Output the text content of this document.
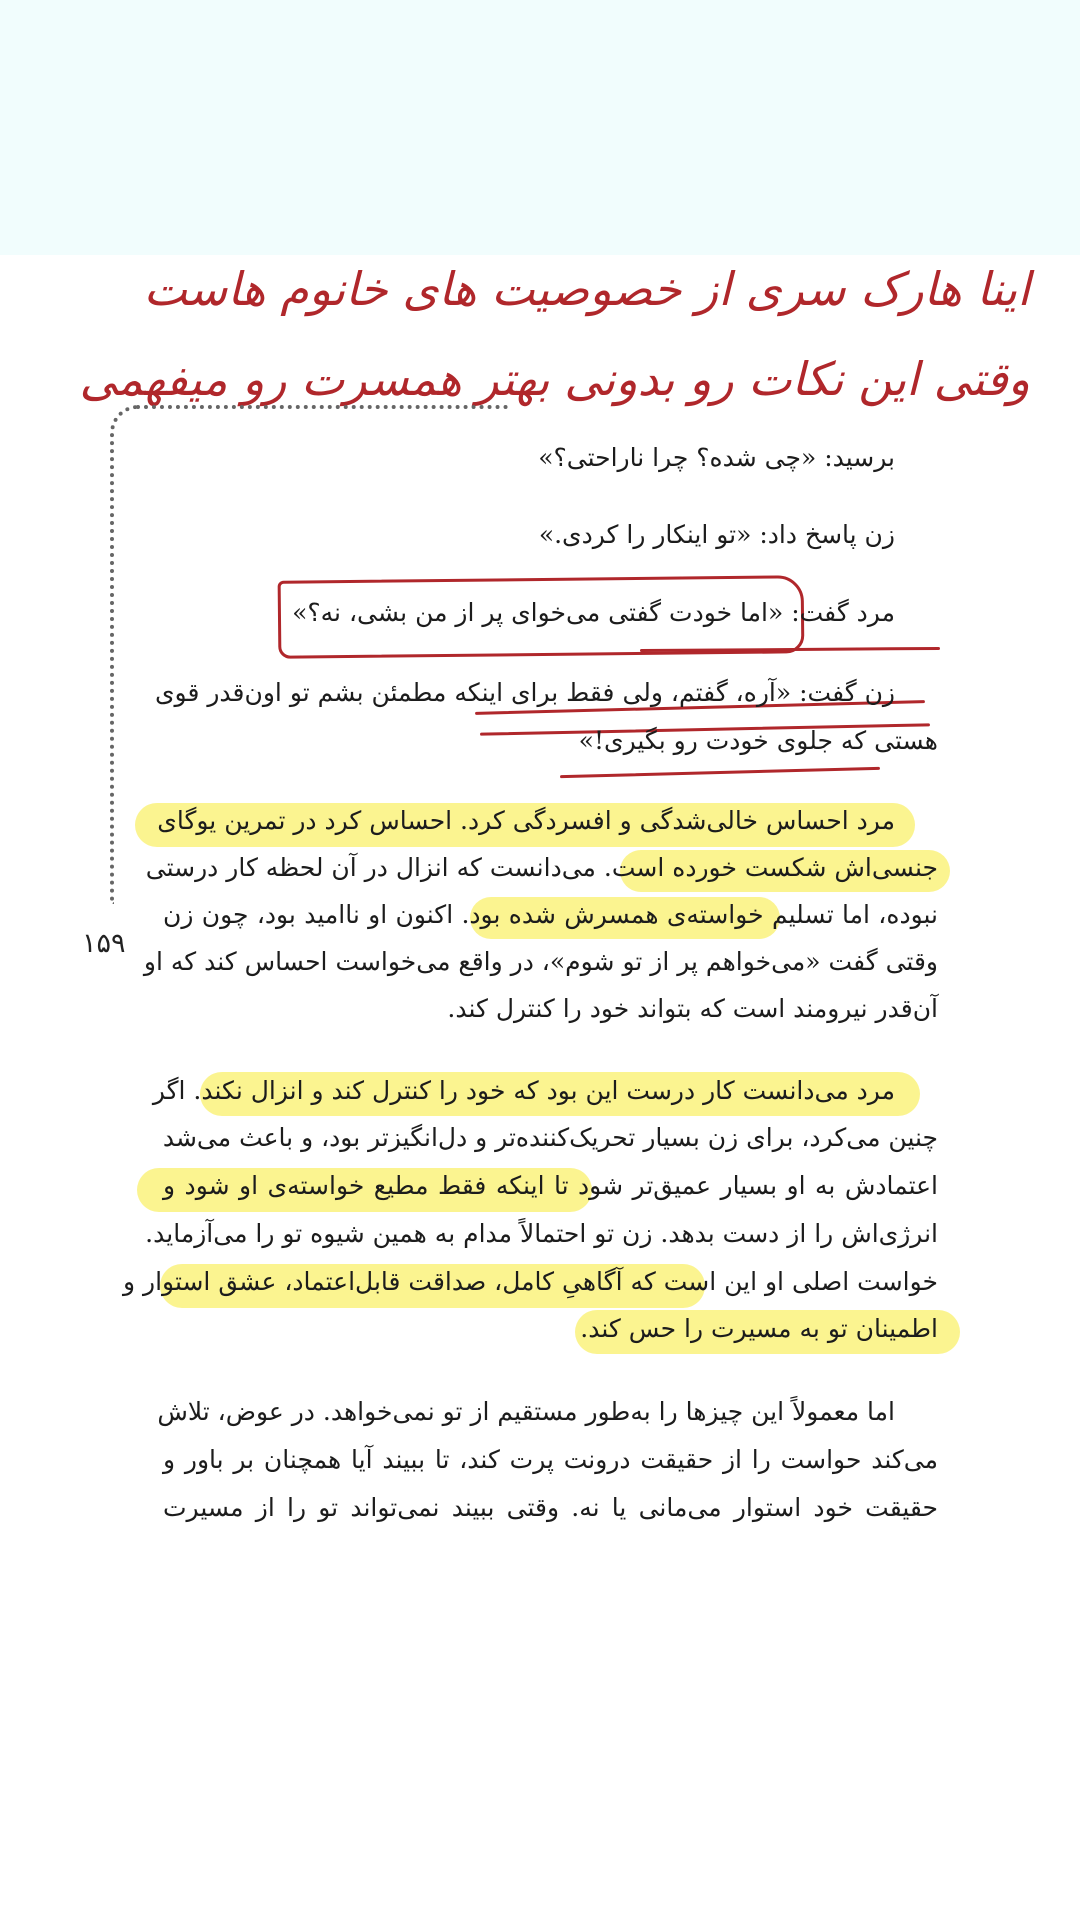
اینا هارک سری از خصوصیت های خانوم هاست
وقتی این نکات رو بدونی بهتر همسرت رو میفهمی
۱۵۹
برسید: «چی شده؟ چرا ناراحتی؟»
زن پاسخ داد: «تو اینکار را کردی.»
مرد گفت: «اما خودت گفتی می‌خوای پر از من بشی، نه؟»
زن گفت: «آره، گفتم، ولی فقط برای اینکه مطمئن بشم تو اون‌قدر قوی
هستی که جلوی خودت رو بگیری!»
مرد احساس خالی‌شدگی و افسردگی کرد. احساس کرد در تمرین یوگای
جنسی‌اش شکست خورده است. می‌دانست که انزال در آن لحظه کار درستی
نبوده، اما تسلیم خواسته‌ی همسرش شده بود. اکنون او ناامید بود، چون زن
وقتی گفت «می‌خواهم پر از تو شوم»، در واقع می‌خواست احساس کند که او
آن‌قدر نیرومند است که بتواند خود را کنترل کند.
مرد می‌دانست کار درست این بود که خود را کنترل کند و انزال نکند. اگر
چنین می‌کرد، برای زن بسیار تحریک‌کننده‌تر و دل‌انگیزتر بود، و باعث می‌شد
اعتمادش به او بسیار عمیق‌تر شود تا اینکه فقط مطیع خواسته‌ی او شود و
انرژی‌اش را از دست بدهد. زن تو احتمالاً مدام به همین شیوه تو را می‌آزماید.
خواست اصلی او این است که آگاهیِ کامل، صداقت قابل‌اعتماد، عشق استوار و
اطمینان تو به مسیرت را حس کند.
اما معمولاً این چیزها را به‌طور مستقیم از تو نمی‌خواهد. در عوض، تلاش
می‌کند حواست را از حقیقت درونت پرت کند، تا ببیند آیا همچنان بر باور و
حقیقت خود استوار می‌مانی یا نه. وقتی ببیند نمی‌تواند تو را از مسیرت
